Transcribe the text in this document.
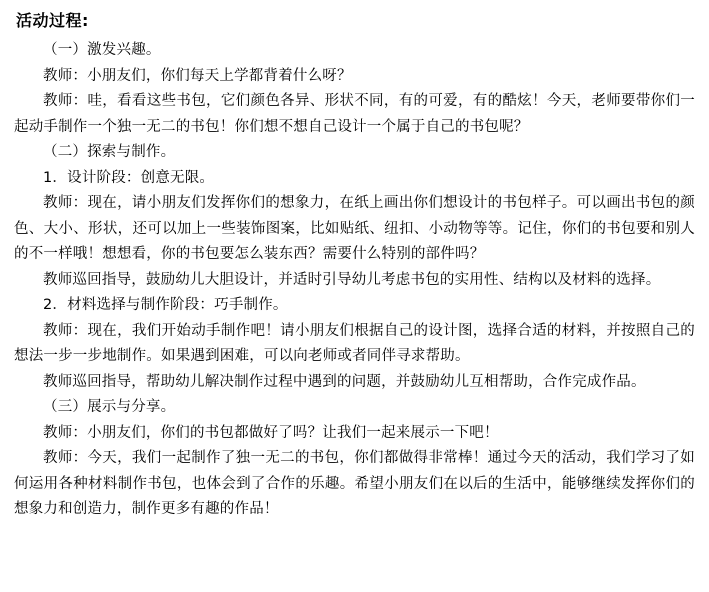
活动过程:

（一）激发兴趣。

教师：小朋友们，你们每天上学都背着什么呀？

教师：哇，看看这些书包，它们颜色各异、形状不同，有的可爱，有的酷炫！今天，老师要带你们一起动手制作一个独一无二的书包！你们想不想自己设计一个属于自己的书包呢？

（二）探索与制作。

1．设计阶段：创意无限。

教师：现在，请小朋友们发挥你们的想象力，在纸上画出你们想设计的书包样子。可以画出书包的颜色、大小、形状，还可以加上一些装饰图案，比如贴纸、纽扣、小动物等等。记住，你们的书包要和别人的不一样哦！想想看，你的书包要怎么装东西？需要什么特别的部件吗？

教师巡回指导，鼓励幼儿大胆设计，并适时引导幼儿考虑书包的实用性、结构以及材料的选择。

2．材料选择与制作阶段：巧手制作。

教师：现在，我们开始动手制作吧！请小朋友们根据自己的设计图，选择合适的材料，并按照自己的想法一步一步地制作。如果遇到困难，可以向老师或者同伴寻求帮助。

教师巡回指导，帮助幼儿解决制作过程中遇到的问题，并鼓励幼儿互相帮助，合作完成作品。

（三）展示与分享。

教师：小朋友们，你们的书包都做好了吗？让我们一起来展示一下吧！

教师：今天，我们一起制作了独一无二的书包，你们都做得非常棒！通过今天的活动，我们学习了如何运用各种材料制作书包，也体会到了合作的乐趣。希望小朋友们在以后的生活中，能够继续发挥你们的想象力和创造力，制作更多有趣的作品！
